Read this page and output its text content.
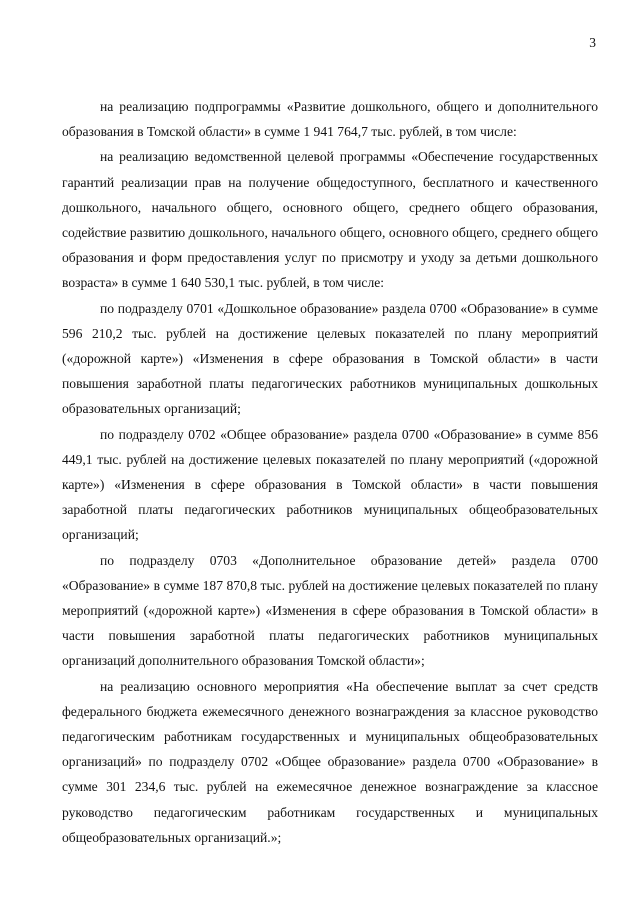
3

на реализацию подпрограммы «Развитие дошкольного, общего и дополнительного образования в Томской области» в сумме 1 941 764,7 тыс. рублей, в том числе:

на реализацию ведомственной целевой программы «Обеспечение государственных гарантий реализации прав на получение общедоступного, бесплатного и качественного дошкольного, начального общего, основного общего, среднего общего образования, содействие развитию дошкольного, начального общего, основного общего, среднего общего образования и форм предоставления услуг по присмотру и уходу за детьми дошкольного возраста» в сумме 1 640 530,1 тыс. рублей, в том числе:

по подразделу 0701 «Дошкольное образование» раздела 0700 «Образование» в сумме 596 210,2 тыс. рублей на достижение целевых показателей по плану мероприятий («дорожной карте») «Изменения в сфере образования в Томской области» в части повышения заработной платы педагогических работников муниципальных дошкольных образовательных организаций;

по подразделу 0702 «Общее образование» раздела 0700 «Образование» в сумме 856 449,1 тыс. рублей на достижение целевых показателей по плану мероприятий («дорожной карте») «Изменения в сфере образования в Томской области» в части повышения заработной платы педагогических работников муниципальных общеобразовательных организаций;

по подразделу 0703 «Дополнительное образование детей» раздела 0700 «Образование» в сумме 187 870,8 тыс. рублей на достижение целевых показателей по плану мероприятий («дорожной карте») «Изменения в сфере образования в Томской области» в части повышения заработной платы педагогических работников муниципальных организаций дополнительного образования Томской области»;

на реализацию основного мероприятия «На обеспечение выплат за счет средств федерального бюджета ежемесячного денежного вознаграждения за классное руководство педагогическим работникам государственных и муниципальных общеобразовательных организаций» по подразделу 0702 «Общее образование» раздела 0700 «Образование» в сумме 301 234,6 тыс. рублей на ежемесячное денежное вознаграждение за классное руководство педагогическим работникам государственных и муниципальных общеобразовательных организаций.»;
